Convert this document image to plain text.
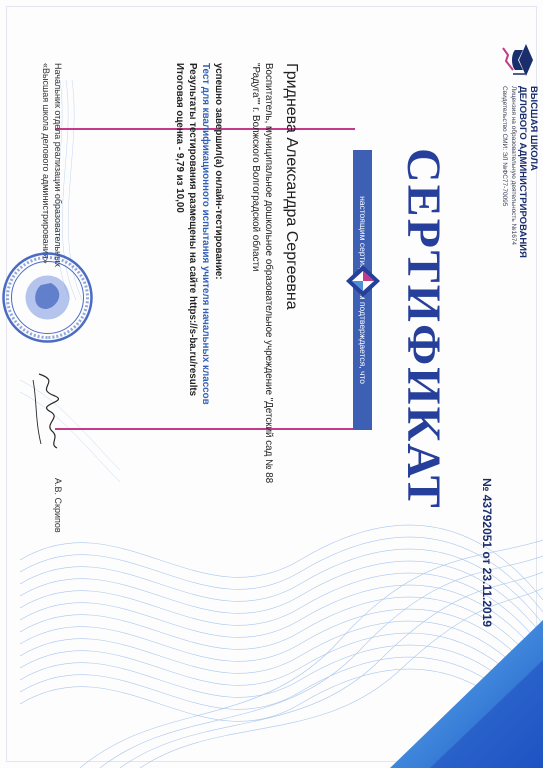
ВЫСШАЯ ШКОЛА
ДЕЛОВОГО АДМИНИСТРИРОВАНИЯ
Лицензия на образовательную деятельность №1674
Свидетельство СМИ: ЭЛ №ФС77-70095
№ 43792051 от 23.11.2019
СЕРТИФИКАТ
настоящим подтверждается, что
Гриднева Александра Сергеевна
Воспитатель, муниципальное дошкольное образовательное учреждение "Детский сад № 88
"Радуга"" г. Волжского Волгоградской области
успешно завершил(а) онлайн-тестирование:
Тест для квалификационного испытания учителя начальных классов
Результаты тестирования размещены на сайте https://s-ba.ru/results
Итоговая оценка - 9,79 из 10,00
Начальник отдела реализации образовательных
«Высшая школа делового администрирования»
А.В. Скрипов
